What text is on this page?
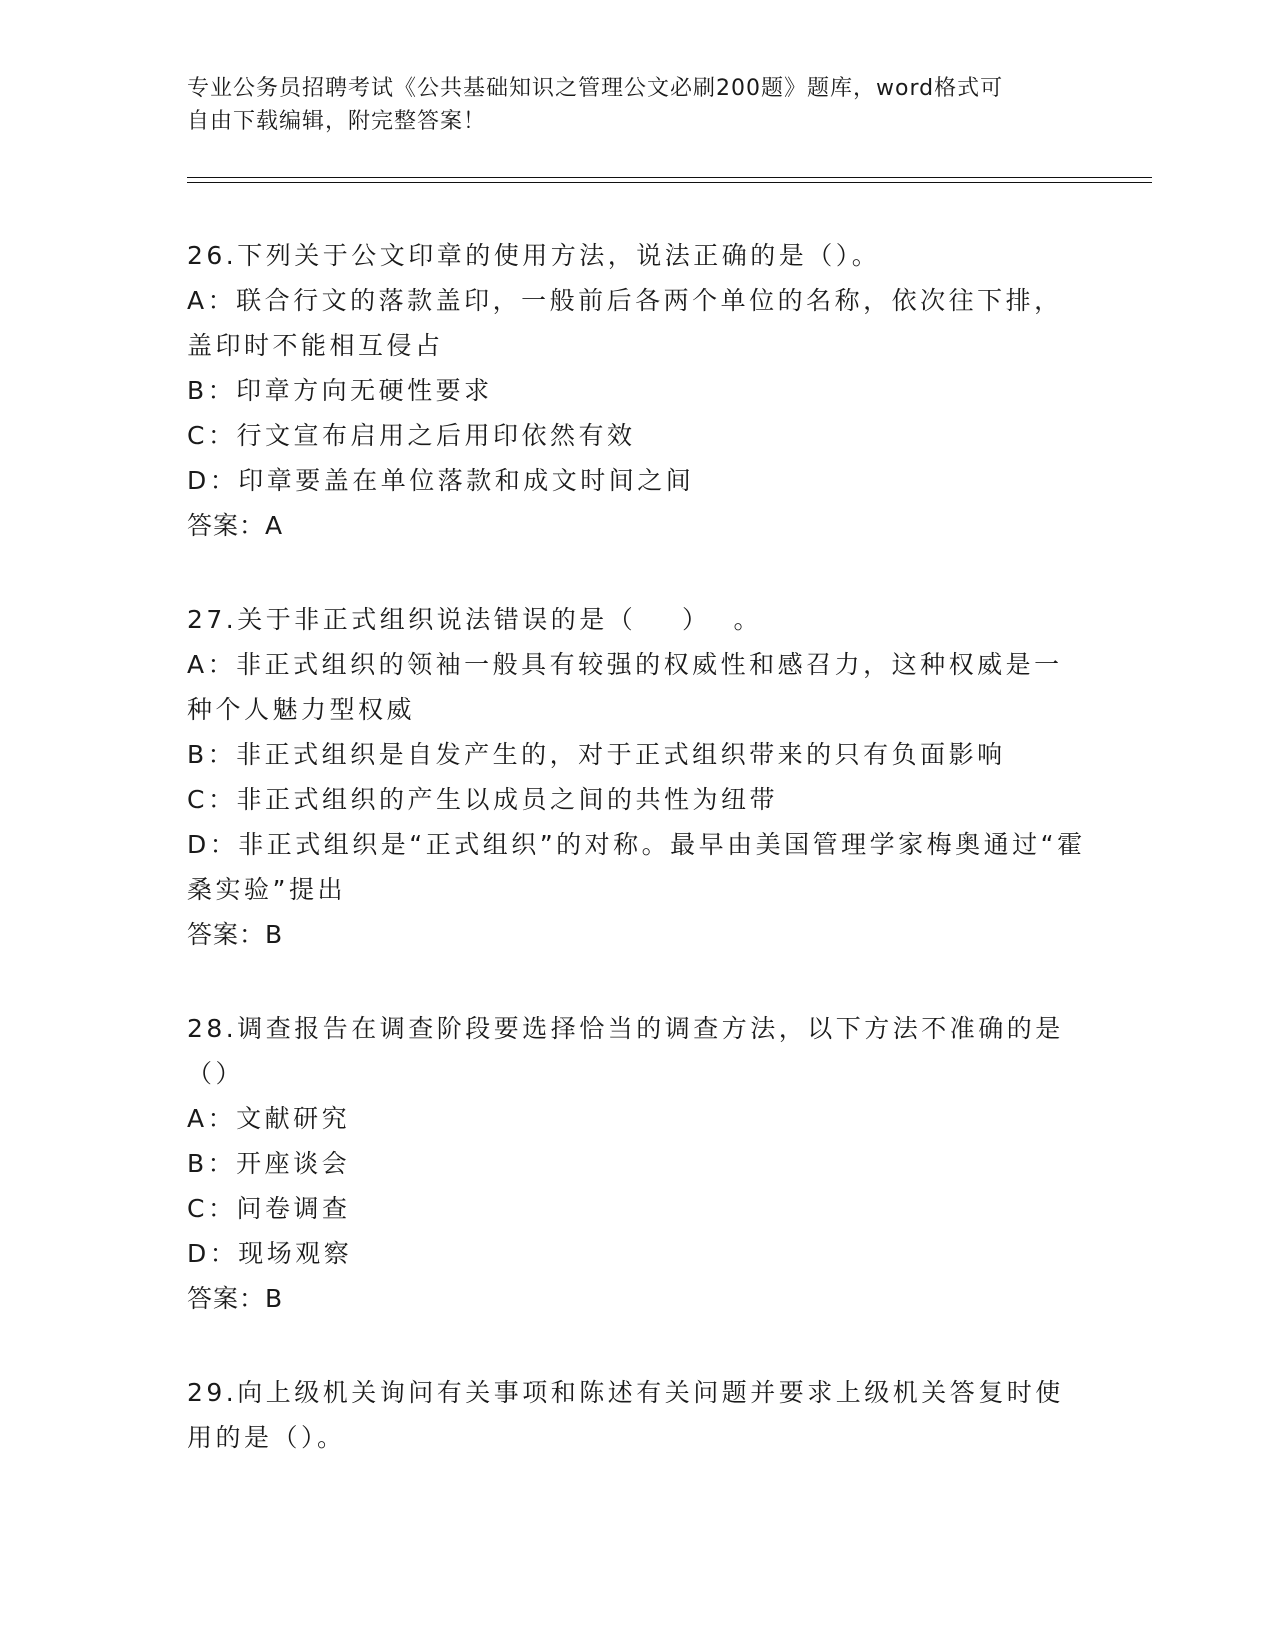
专业公务员招聘考试《公共基础知识之管理公文必刷200题》题库，word格式可
自由下载编辑，附完整答案！
26.下列关于公文印章的使用方法，说法正确的是（）。
A：联合行文的落款盖印，一般前后各两个单位的名称，依次往下排，盖印时不能相互侵占
B：印章方向无硬性要求
C：行文宣布启用之后用印依然有效
D：印章要盖在单位落款和成文时间之间
答案：A
27.关于非正式组织说法错误的是（    ）  。
A：非正式组织的领袖一般具有较强的权威性和感召力，这种权威是一种个人魅力型权威
B：非正式组织是自发产生的，对于正式组织带来的只有负面影响
C：非正式组织的产生以成员之间的共性为纽带
D：非正式组织是“正式组织”的对称。最早由美国管理学家梅奥通过“霍桑实验”提出
答案：B
28.调查报告在调查阶段要选择恰当的调查方法，以下方法不准确的是（）
A：文献研究
B：开座谈会
C：问卷调查
D：现场观察
答案：B
29.向上级机关询问有关事项和陈述有关问题并要求上级机关答复时使用的是（）。
